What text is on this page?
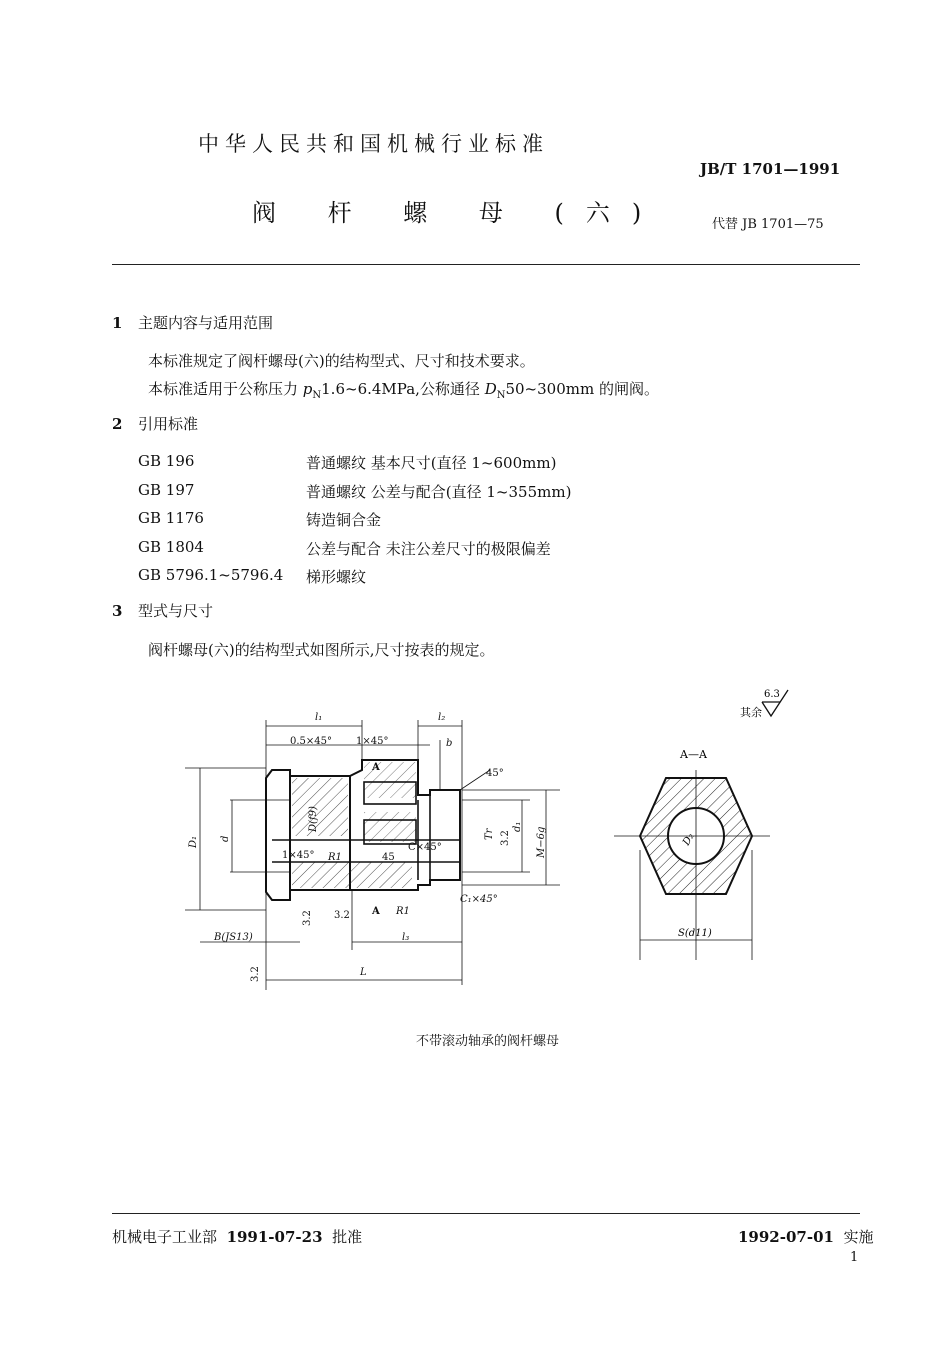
中华人民共和国机械行业标准
JB/T 1701—1991
阀 杆 螺 母 (六)	代替 JB 1701—75
1 主题内容与适用范围
本标准规定了阀杆螺母(六)的结构型式、尺寸和技术要求。
本标准适用于公称压力 $p_N1.6\sim 6.4MPa$,公称通径 $D_N50\sim 300mm$ 的闸阀。
2 引用标准
GB 196	普通螺纹 基本尺寸(直径 1~600mm)
GB 197	普通螺纹 公差与配合(直径 1~355mm)
GB 1176	铸造铜合金
GB 1804	公差与配合 未注公差尺寸的极限偏差
GB 5796.1~5796.4 梯形螺纹
3 型式与尺寸
阀杆螺母(六)的结构型式如图所示,尺寸按表的规定。
其余
6.3
l₁	l₂
b
0.5×45° 1×45°
45°
A
A
1×45° R1
C×45°
45
R1
C₁×45°
B(JS13)	l₃
L
D₁ d
D(f9)
Tr
d₁ M−6g
3.2
3.2 3.2
3.2
A—A
D₂
S(d11)
不带滚动轴承的阀杆螺母
机械电子工业部 1991-07-23 批准	1992-07-01 实施
1
